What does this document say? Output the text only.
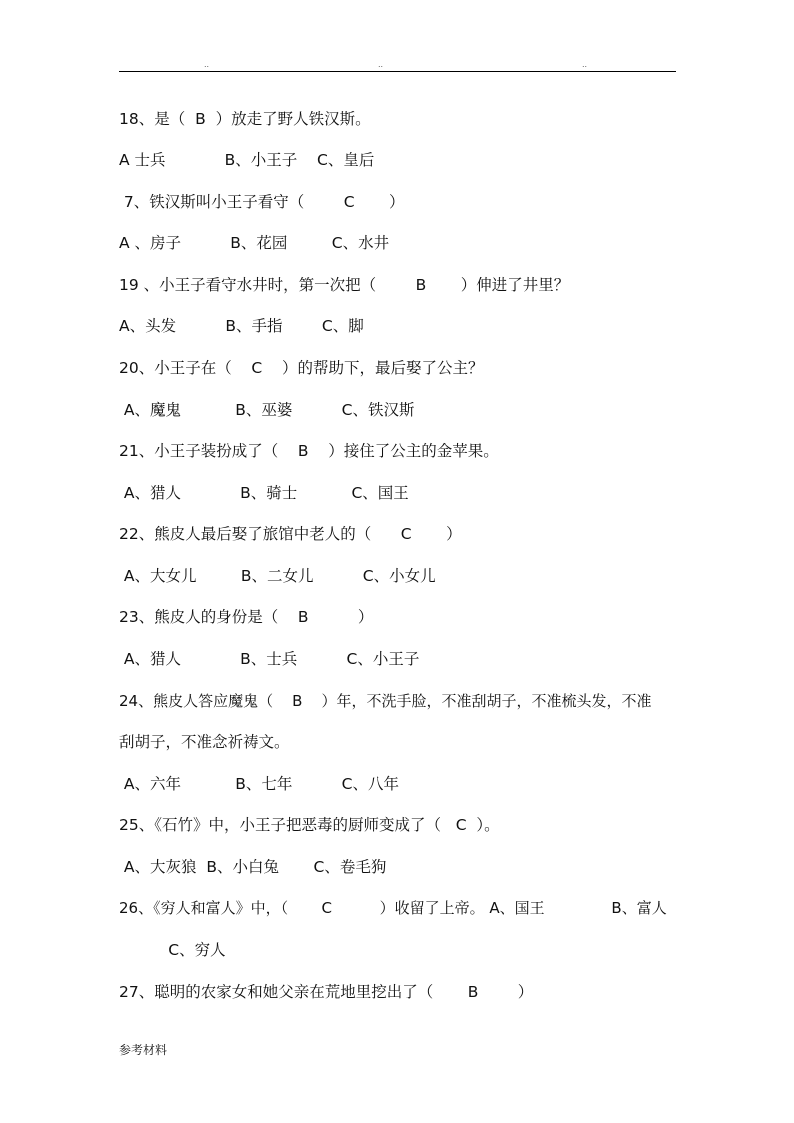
..	..	..
18、是（  B  ）放走了野人铁汉斯。
A 士兵            B、小王子    C、皇后
7、铁汉斯叫小王子看守（        C       ）
A 、房子          B、花园         C、水井
19 、小王子看守水井时，第一次把（        B       ）伸进了井里？
A、头发          B、手指        C、脚
20、小王子在（    C    ）的帮助下，最后娶了公主？
A、魔鬼           B、巫婆          C、铁汉斯
21、小王子装扮成了（    B    ）接住了公主的金苹果。
A、猎人            B、骑士           C、国王
22、熊皮人最后娶了旅馆中老人的（      C       ）
A、大女儿         B、二女儿          C、小女儿
23、熊皮人的身份是（    B          ）
A、猎人            B、士兵          C、小王子
24、熊皮人答应魔鬼（    B    ）年，不洗手脸，不准刮胡子，不准梳头发，不准
刮胡子，不准念祈祷文。
A、六年           B、七年          C、八年
25、《石竹》中，小王子把恶毒的厨师变成了（   C  ）。
A、大灰狼  B、小白兔       C、卷毛狗
26、《穷人和富人》中，（       C          ）收留了上帝。 A、国王              B、富人
C、穷人
27、聪明的农家女和她父亲在荒地里挖出了（       B        ）
参考材料
